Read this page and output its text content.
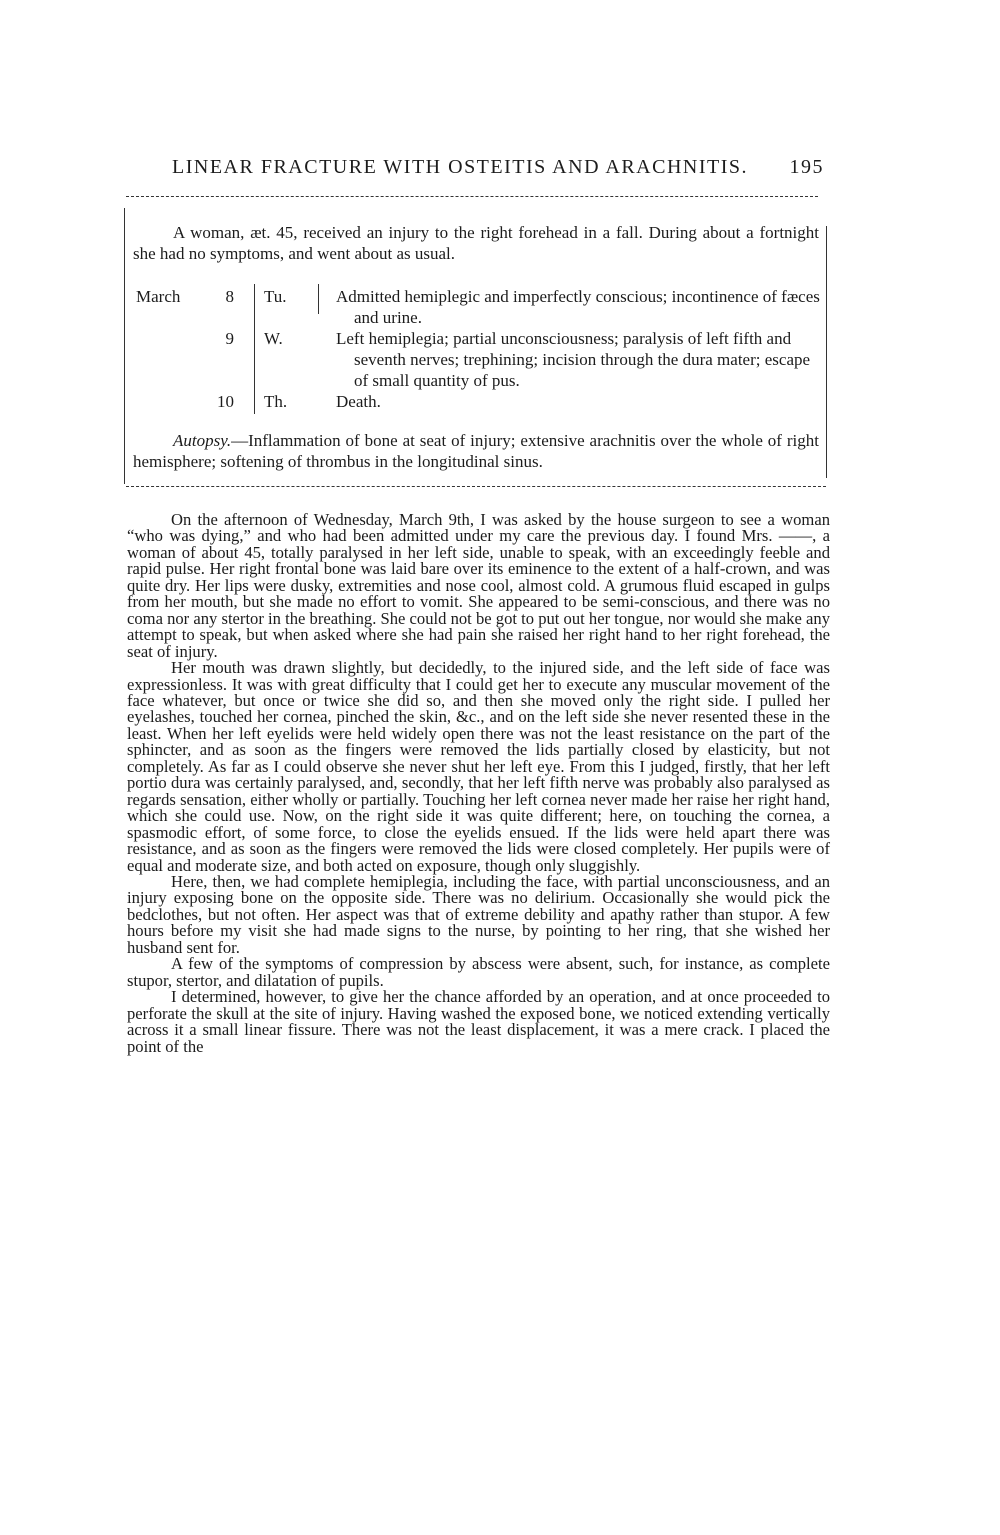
LINEAR FRACTURE WITH OSTEITIS AND ARACHNITIS. 195

A woman, æt. 45, received an injury to the right forehead in a fall. During about a fortnight she had no symptoms, and went about as usual.

March	8 Tu.	Admitted hemiplegic and imperfectly conscious; incontinence of fæces and urine.
9 W.	Left hemiplegia; partial unconsciousness; paralysis of left fifth and seventh nerves; trephining; incision through the dura mater; escape of small quantity of pus.
10 Th.	Death.

Autopsy.—Inflammation of bone at seat of injury; extensive arachnitis over the whole of right hemisphere; softening of thrombus in the longitudinal sinus.

On the afternoon of Wednesday, March 9th, I was asked by the house surgeon to see a woman “who was dying,” and who had been admitted under my care the previous day. I found Mrs. ——, a woman of about 45, totally paralysed in her left side, unable to speak, with an exceedingly feeble and rapid pulse. Her right frontal bone was laid bare over its eminence to the extent of a half-crown, and was quite dry. Her lips were dusky, extremities and nose cool, almost cold. A grumous fluid escaped in gulps from her mouth, but she made no effort to vomit. She appeared to be semi-conscious, and there was no coma nor any stertor in the breathing. She could not be got to put out her tongue, nor would she make any attempt to speak, but when asked where she had pain she raised her right hand to her right forehead, the seat of injury.

Her mouth was drawn slightly, but decidedly, to the injured side, and the left side of face was expressionless. It was with great difficulty that I could get her to execute any muscular movement of the face whatever, but once or twice she did so, and then she moved only the right side. I pulled her eyelashes, touched her cornea, pinched the skin, &c., and on the left side she never resented these in the least. When her left eyelids were held widely open there was not the least resistance on the part of the sphincter, and as soon as the fingers were removed the lids partially closed by elasticity, but not completely. As far as I could observe she never shut her left eye. From this I judged, firstly, that her left portio dura was certainly paralysed, and, secondly, that her left fifth nerve was probably also paralysed as regards sensation, either wholly or partially. Touching her left cornea never made her raise her right hand, which she could use. Now, on the right side it was quite different; here, on touching the cornea, a spasmodic effort, of some force, to close the eyelids ensued. If the lids were held apart there was resistance, and as soon as the fingers were removed the lids were closed completely. Her pupils were of equal and moderate size, and both acted on exposure, though only sluggishly.

Here, then, we had complete hemiplegia, including the face, with partial unconsciousness, and an injury exposing bone on the opposite side. There was no delirium. Occasionally she would pick the bedclothes, but not often. Her aspect was that of extreme debility and apathy rather than stupor. A few hours before my visit she had made signs to the nurse, by pointing to her ring, that she wished her husband sent for.

A few of the symptoms of compression by abscess were absent, such, for instance, as complete stupor, stertor, and dilatation of pupils.

I determined, however, to give her the chance afforded by an operation, and at once proceeded to perforate the skull at the site of injury. Having washed the exposed bone, we noticed extending vertically across it a small linear fissure. There was not the least displacement, it was a mere crack. I placed the point of the
